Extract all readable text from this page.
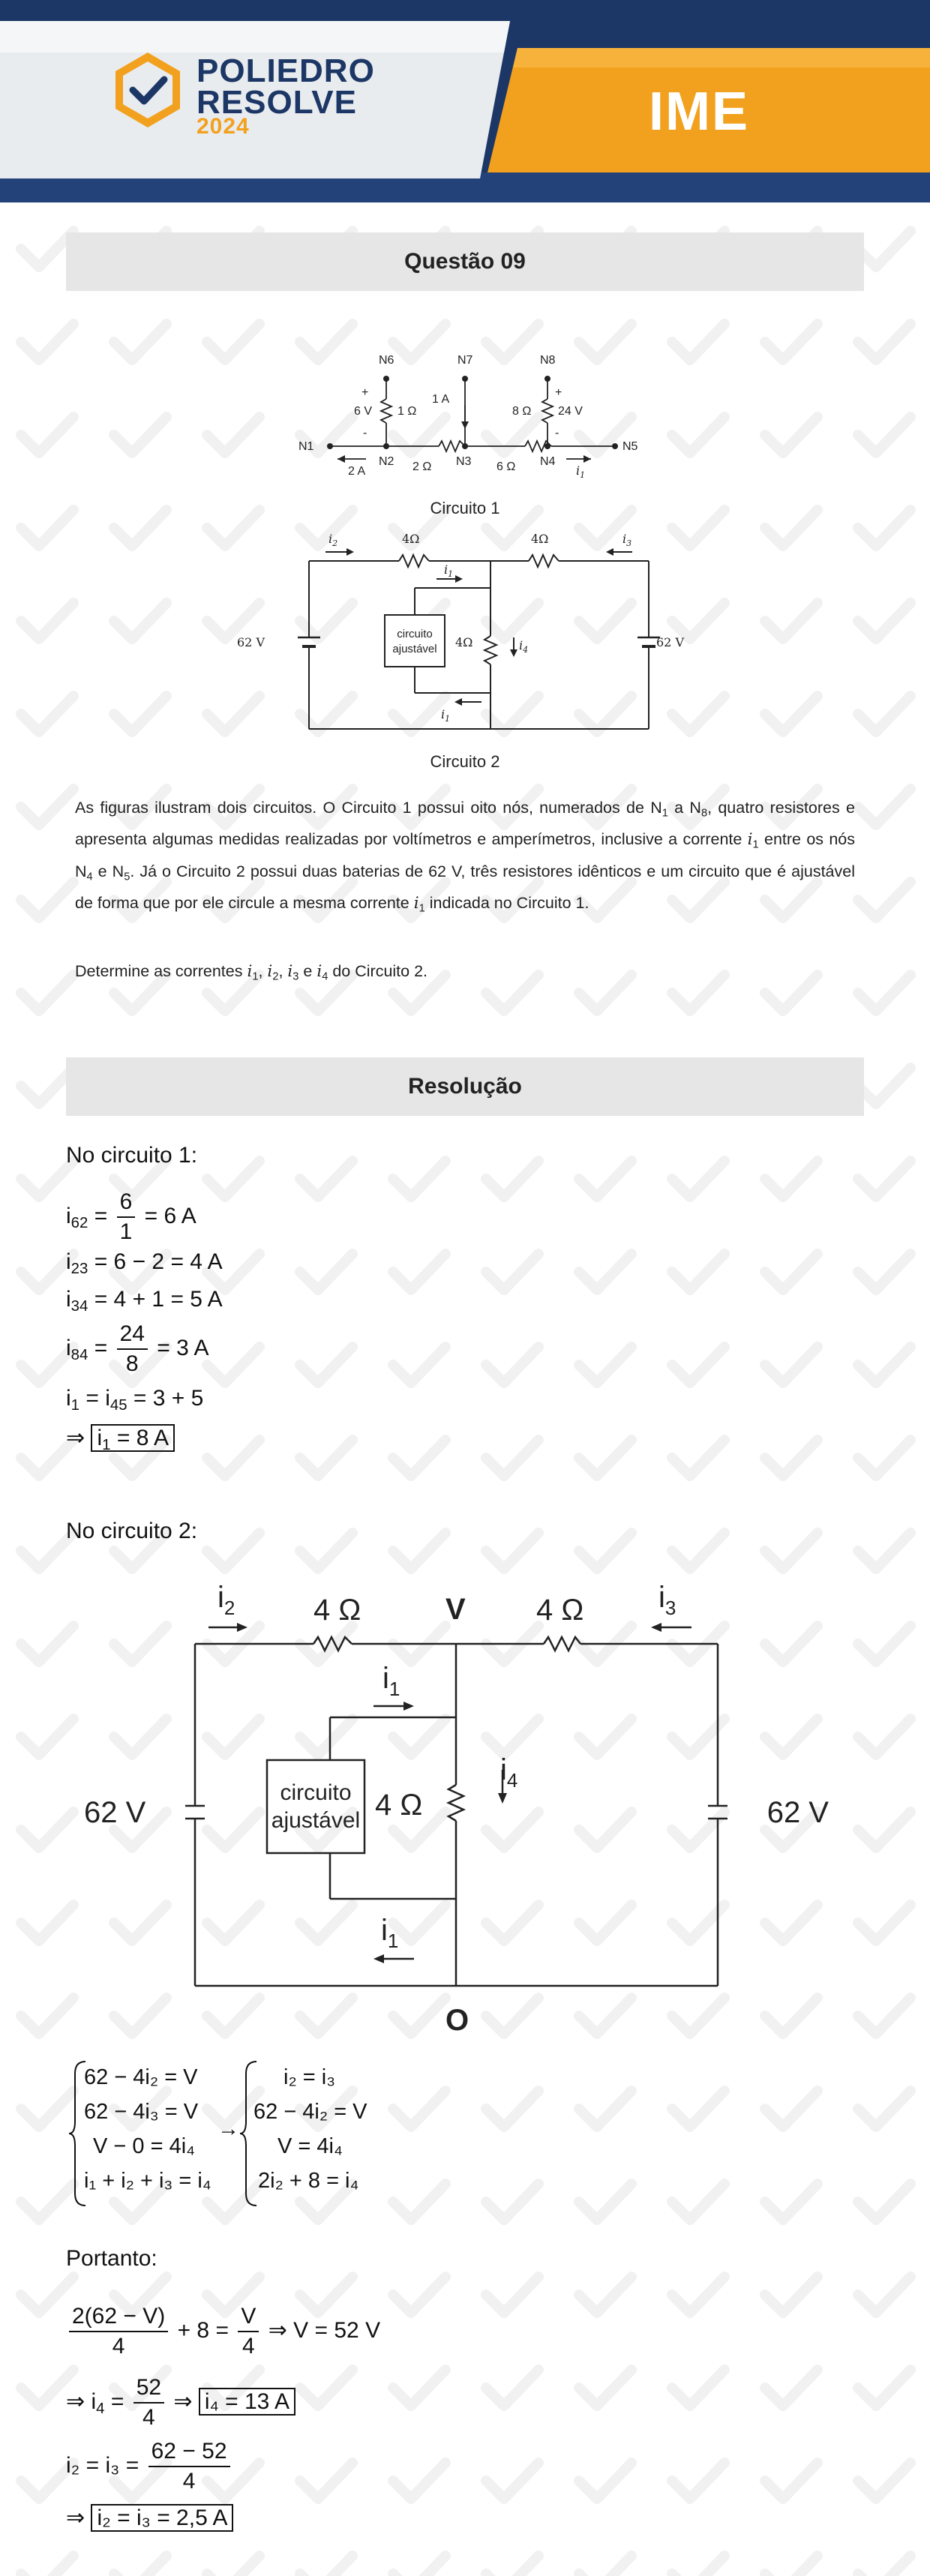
POLIEDRO
RESOLVE
2024	IME
Questão 09
N6	N7	N8
N1
N2	N3	N4
N5
+
6 V
-
1 Ω
1 A
+
8 Ω 24 V
-
2 Ω	6 Ω
2 A	$i_1$
Circuito 1
$i_2$	$i_3$
$i_1$
$i_1$
$i_4$
4Ω	4Ω
4Ω
62 V	62 V
circuito
ajustável
Circuito 2
As figuras ilustram dois circuitos. O Circuito 1 possui oito nós, numerados de $N_1$ a $N_8$, quatro resistores e apresenta algumas medidas realizadas por voltímetros e amperímetros, inclusive a corrente $i_1$ entre os nós $N_4$ e $N_5$. Já o Circuito 2 possui duas baterias de 62 V, três resistores idênticos e um circuito que é ajustável de forma que por ele circule a mesma corrente $i_1$ indicada no Circuito 1.
Determine as correntes $i_1$, $i_2$, $i_3$ e $i_4$ do Circuito 2.
Resolução
No circuito 1:
$i_{62} = \frac{6}{1} = 6$ A
$i_{23} = 6 - 2 = 4$ A
$i_{34} = 4 + 1 = 5$ A
$i_{84} = \frac{24}{8} = 3$ A
$i_1 = i_{45} = 3 + 5$
⇒ $i_1 = 8$ A
No circuito 2:
$i_2$	$i_3$
$i_1$
$i_1$
$i_4$
4 Ω	4 Ω
4 Ω
V
O
62 V	62 V
circuito
ajustável
62 − 4i₂ = V
62 − 4i₃ = V
V − 0 = 4i₄
i₁ + i₂ + i₃ = i₄
→
i₂ = i₃
62 − 4i₂ = V
V = 4i₄
2i₂ + 8 = i₄
Portanto:
$\frac{2(62 - V)}{4} + 8 = \frac{V}{4}$ ⇒ V = 52 V
⇒ $i_4 = \frac{52}{4}$ ⇒ i₄ = 13 A
$i_2 = i_3 = \frac{62 - 52}{4}$
⇒ i₂ = i₃ = 2,5 A
